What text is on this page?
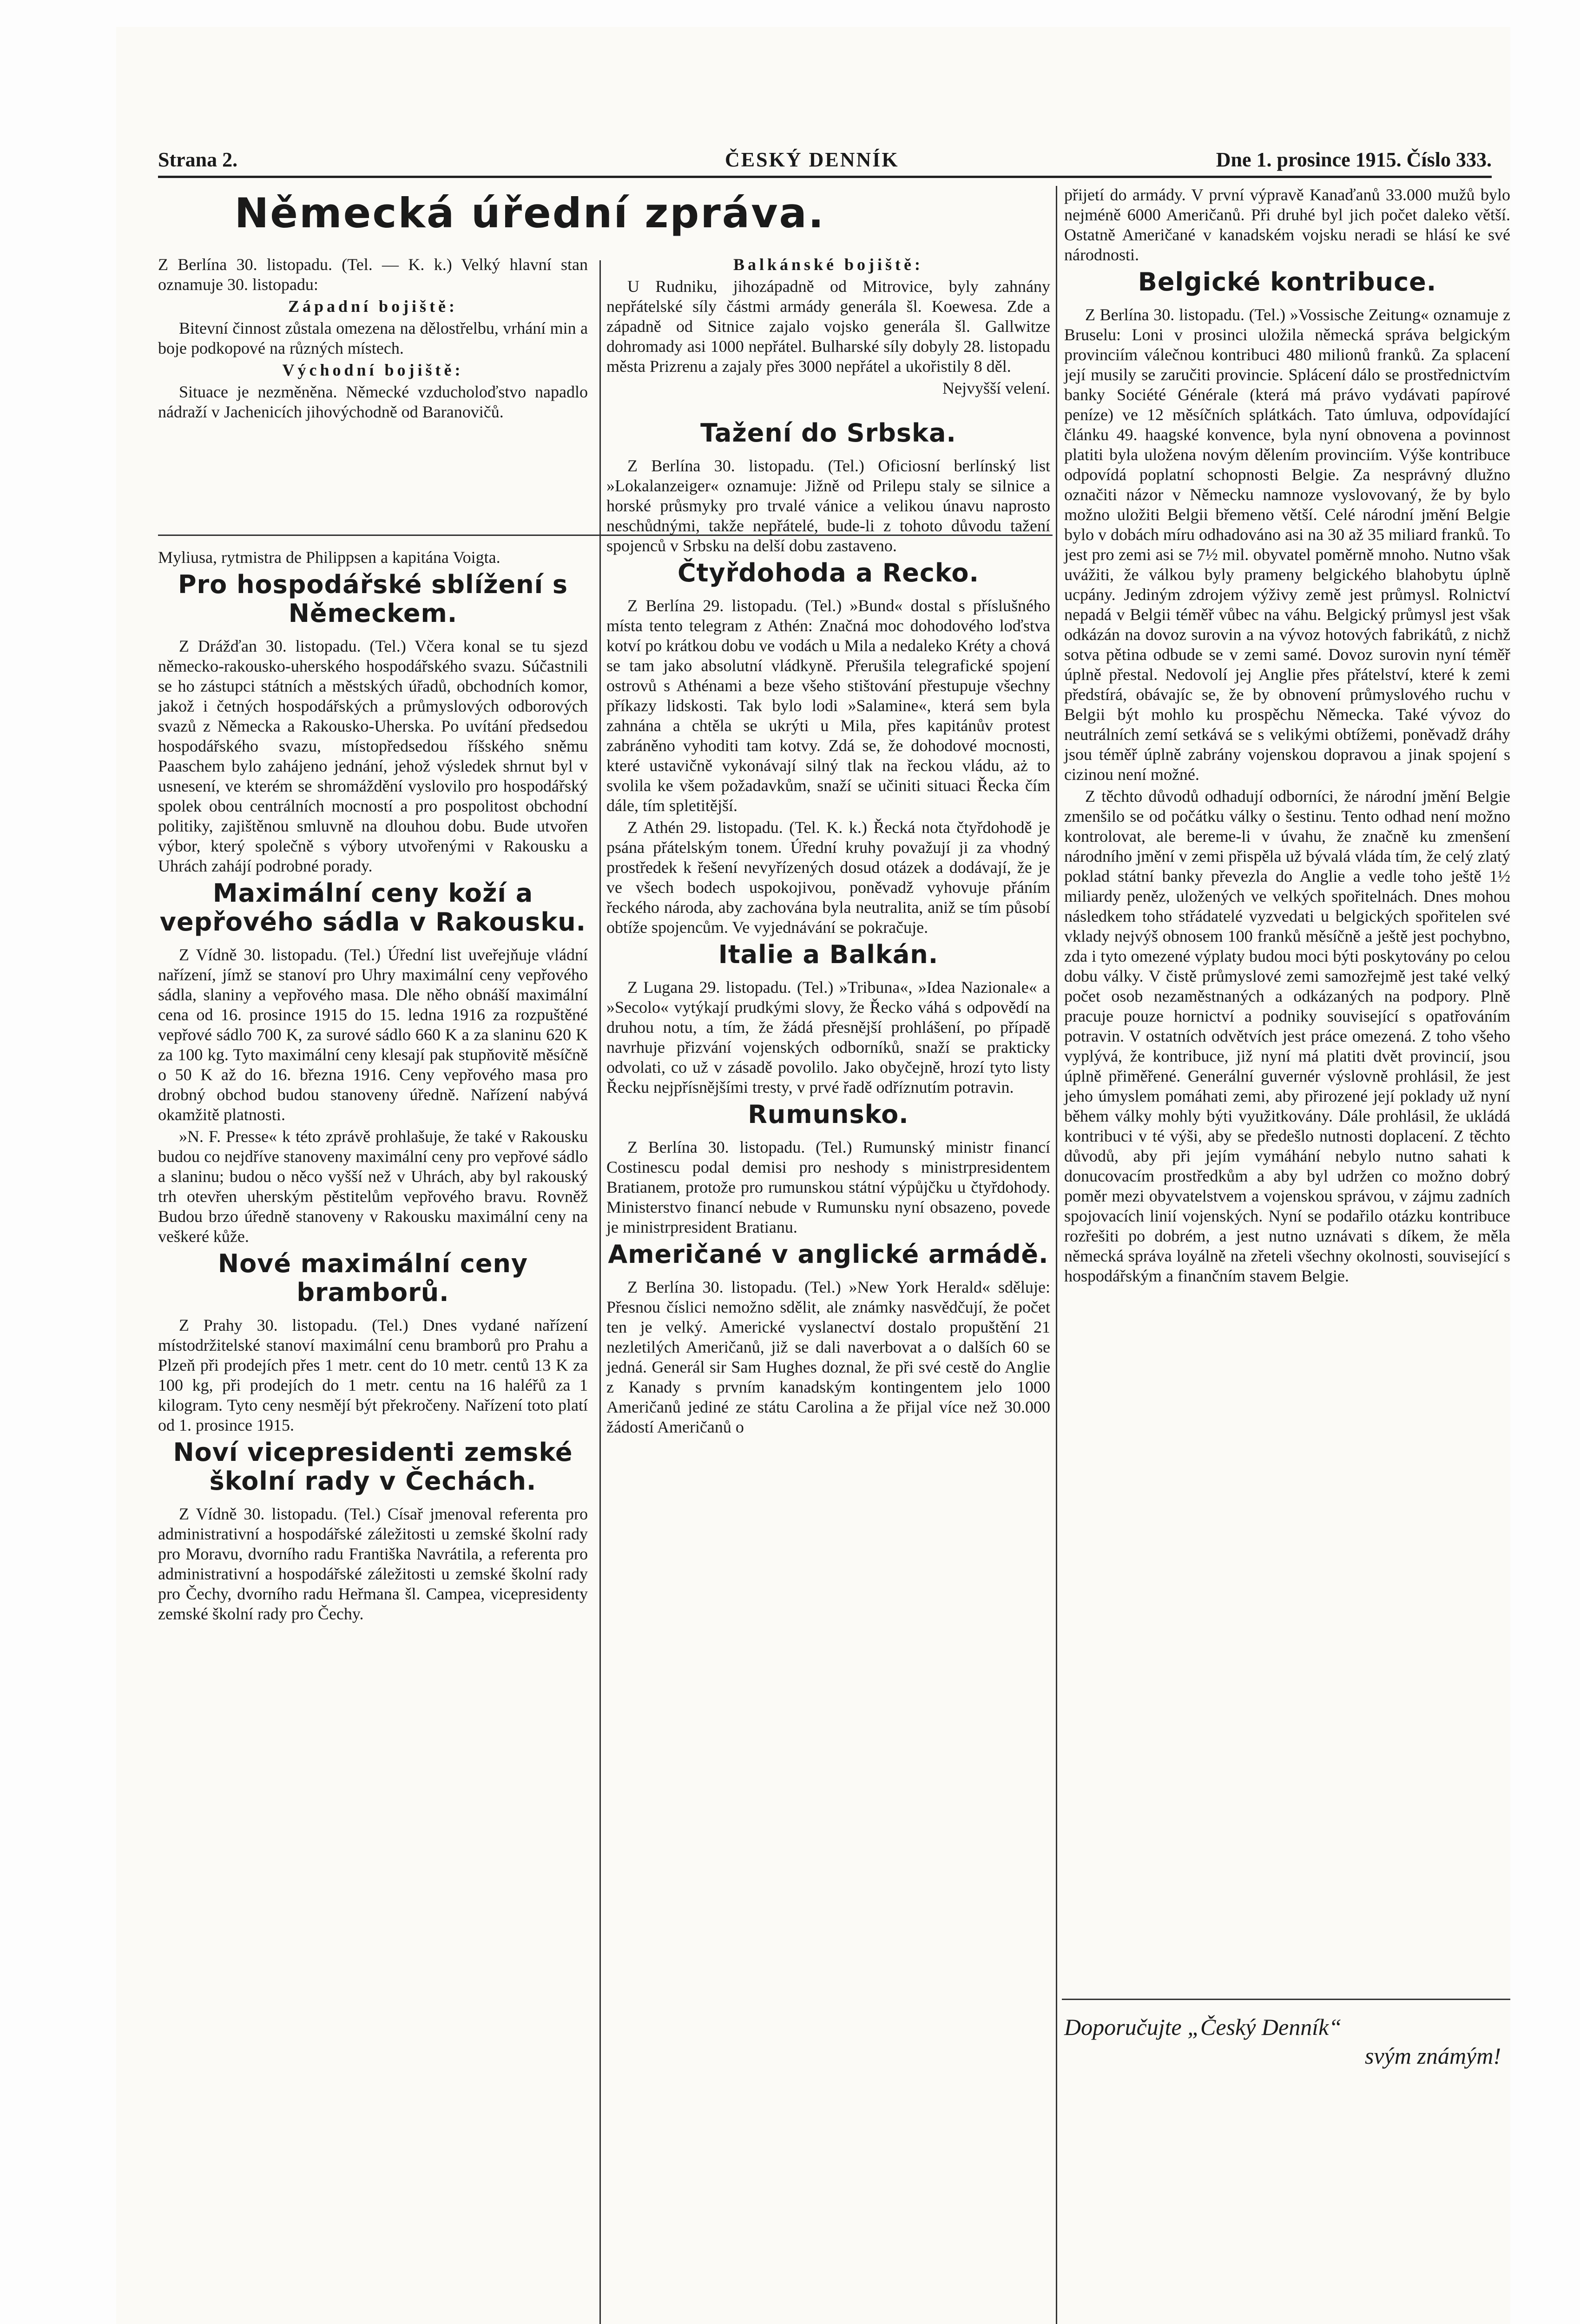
Strana 2.	ČESKÝ DENNÍK	Dne 1. prosince 1915. Číslo 333.
Německá úřední zpráva.

Z Berlína 30. listopadu. (Tel. — K. k.) Velký hlavní stan oznamuje 30. listopadu:

Západní bojiště:

Bitevní činnost zůstala omezena na dělostřelbu, vrhání min a boje podkopové na různých místech.

Východní bojiště:

Situace je nezměněna. Německé vzducholoďstvo napadlo nádraží v Jachenicích jihovýchodně od Baranovičů.

Myliusa, rytmistra de Philippsen a kapitána Voigta.

Pro hospodářské sblížení s Německem.

Z Drážďan 30. listopadu. (Tel.) Včera konal se tu sjezd německo-rakousko-uherského hospodářského svazu. Súčastnili se ho zástupci státních a městských úřadů, obchodních komor, jakož i četných hospodářských a průmyslových odborových svazů z Německa a Rakousko-Uherska. Po uvítání předsedou hospodářského svazu, místopředsedou říšského sněmu Paaschem bylo zahájeno jednání, jehož výsledek shrnut byl v usnesení, ve kterém se shromáždění vyslovilo pro hospodářský spolek obou centrálních mocností a pro pospolitost obchodní politiky, zajištěnou smluvně na dlouhou dobu. Bude utvořen výbor, který společně s výbory utvořenými v Rakousku a Uhrách zahájí podrobné porady.

Maximální ceny koží a vepřového sádla v Rakousku.

Z Vídně 30. listopadu. (Tel.) Úřední list uveřejňuje vládní nařízení, jímž se stanoví pro Uhry maximální ceny vepřového sádla, slaniny a vepřového masa. Dle něho obnáší maximální cena od 16. prosince 1915 do 15. ledna 1916 za rozpuštěné vepřové sádlo 700 K, za surové sádlo 660 K a za slaninu 620 K za 100 kg. Tyto maximální ceny klesají pak stupňovitě měsíčně o 50 K až do 16. března 1916. Ceny vepřového masa pro drobný obchod budou stanoveny úředně. Nařízení nabývá okamžitě platnosti.

»N. F. Presse« k této zprávě prohlašuje, že také v Rakousku budou co nejdříve stanoveny maximální ceny pro vepřové sádlo a slaninu; budou o něco vyšší než v Uhrách, aby byl rakouský trh otevřen uherským pěstitelům vepřového bravu. Rovněž Budou brzo úředně stanoveny v Rakousku maximální ceny na veškeré kůže.

Nové maximální ceny bramborů.

Z Prahy 30. listopadu. (Tel.) Dnes vydané nařízení místodržitelské stanoví maximální cenu bramborů pro Prahu a Plzeň při prodejích přes 1 metr. cent do 10 metr. centů 13 K za 100 kg, při prodejích do 1 metr. centu na 16 haléřů za 1 kilogram. Tyto ceny nesmějí být překročeny. Nařízení toto platí od 1. prosince 1915.

Noví vicepresidenti zemské školní rady v Čechách.

Z Vídně 30. listopadu. (Tel.) Císař jmenoval referenta pro administrativní a hospodářské záležitosti u zemské školní rady pro Moravu, dvorního radu Františka Navrátila, a referenta pro administrativní a hospodářské záležitosti u zemské školní rady pro Čechy, dvorního radu Heřmana šl. Campea, vicepresidenty zemské školní rady pro Čechy.

Balkánské bojiště:

U Rudniku, jihozápadně od Mitrovice, byly zahnány nepřátelské síly částmi armády generála šl. Koewesa. Zde a západně od Sitnice zajalo vojsko generála šl. Gallwitze dohromady asi 1000 nepřátel. Bulharské síly dobyly 28. listopadu města Prizrenu a zajaly přes 3000 nepřátel a ukořistily 8 děl.

Nejvyšší velení.

Tažení do Srbska.

Z Berlína 30. listopadu. (Tel.) Oficiosní berlínský list »Lokalanzeiger« oznamuje: Jižně od Prilepu staly se silnice a horské průsmyky pro trvalé vánice a velikou únavu naprosto neschůdnými, takže nepřátelé, bude-li z tohoto důvodu tažení spojenců v Srbsku na delší dobu zastaveno.

Čtyřdohoda a Recko.

Z Berlína 29. listopadu. (Tel.) »Bund« dostal s příslušného místa tento telegram z Athén: Značná moc dohodového loďstva kotví po krátkou dobu ve vodách u Mila a nedaleko Kréty a chová se tam jako absolutní vládkyně. Přerušila telegrafické spojení ostrovů s Athénami a beze všeho stištování přestupuje všechny příkazy lidskosti. Tak bylo lodi »Salamine«, která sem byla zahnána a chtěla se ukrýti u Mila, přes kapitánův protest zabráněno vyhoditi tam kotvy. Zdá se, že dohodové mocnosti, které ustavičně vykonávají silný tlak na řeckou vládu, aż to svolila ke všem požadavkům, snaží se učiniti situaci Řecka čím dále, tím spletitější.

Z Athén 29. listopadu. (Tel. K. k.) Řecká nota čtyřdohodě je psána přátelským tonem. Úřední kruhy považují ji za vhodný prostředek k řešení nevyřízených dosud otázek a dodávají, že je ve všech bodech uspokojivou, poněvadž vyhovuje přáním řeckého národa, aby zachována byla neutralita, aniž se tím působí obtíže spojencům. Ve vyjednávání se pokračuje.

Italie a Balkán.

Z Lugana 29. listopadu. (Tel.) »Tribuna«, »Idea Nazionale« a »Secolo« vytýkají prudkými slovy, že Řecko váhá s odpovědí na druhou notu, a tím, že žádá přesnější prohlášení, po případě navrhuje přizvání vojenských odborníků, snaží se prakticky odvolati, co už v zásadě povolilo. Jako obyčejně, hrozí tyto listy Řecku nejpřísnějšími tresty, v prvé řadě odříznutím potravin.

Rumunsko.

Z Berlína 30. listopadu. (Tel.) Rumunský ministr financí Costinescu podal demisi pro neshody s ministrpresidentem Bratianem, protože pro rumunskou státní výpůjčku u čtyřdohody. Ministerstvo financí nebude v Rumunsku nyní obsazeno, povede je ministrpresident Bratianu.

Američané v anglické armádě.

Z Berlína 30. listopadu. (Tel.) »New York Herald« sděluje: Přesnou číslici nemožno sdělit, ale známky nasvědčují, že počet ten je velký. Americké vyslanectví dostalo propuštění 21 nezletilých Američanů, již se dali naverbovat a o dalších 60 se jedná. Generál sir Sam Hughes doznal, že při své cestě do Anglie z Kanady s prvním kanadským kontingentem jelo 1000 Američanů jediné ze státu Carolina a že přijal více než 30.000 žádostí Američanů o

přijetí do armády. V první výpravě Kanaďanů 33.000 mužů bylo nejméně 6000 Američanů. Při druhé byl jich počet daleko větší. Ostatně Američané v kanadském vojsku neradi se hlásí ke své národnosti.

Belgické kontribuce.

Z Berlína 30. listopadu. (Tel.) »Vossische Zeitung« oznamuje z Bruselu: Loni v prosinci uložila německá správa belgickým provinciím válečnou kontribuci 480 milionů franků. Za splacení její musily se zaručiti provincie. Splácení dálo se prostřednictvím banky Société Générale (která má právo vydávati papírové peníze) ve 12 měsíčních splátkách. Tato úmluva, odpovídající článku 49. haagské konvence, byla nyní obnovena a povinnost platiti byla uložena novým dělením provinciím. Výše kontribuce odpovídá poplatní schopnosti Belgie. Za nesprávný dlužno označiti názor v Německu namnoze vyslovovaný, že by bylo možno uložiti Belgii břemeno větší. Celé národní jmění Belgie bylo v dobách míru odhadováno asi na 30 až 35 miliard franků. To jest pro zemi asi se 7½ mil. obyvatel poměrně mnoho. Nutno však uvážiti, že válkou byly prameny belgického blahobytu úplně ucpány. Jediným zdrojem výživy země jest průmysl. Rolnictví nepadá v Belgii téměř vůbec na váhu. Belgický průmysl jest však odkázán na dovoz surovin a na vývoz hotových fabrikátů, z nichž sotva pětina odbude se v zemi samé. Dovoz surovin nyní téměř úplně přestal. Nedovolí jej Anglie přes přátelství, které k zemi předstírá, obávajíc se, že by obnovení průmyslového ruchu v Belgii být mohlo ku prospěchu Německa. Také vývoz do neutrálních zemí setkává se s velikými obtížemi, poněvadž dráhy jsou téměř úplně zabrány vojenskou dopravou a jinak spojení s cizinou není možné.

Z těchto důvodů odhadují odborníci, že národní jmění Belgie zmenšilo se od počátku války o šestinu. Tento odhad není možno kontrolovat, ale bereme-li v úvahu, že značně ku zmenšení národního jmění v zemi přispěla už bývalá vláda tím, že celý zlatý poklad státní banky převezla do Anglie a vedle toho ještě 1½ miliardy peněz, uložených ve velkých spořitelnách. Dnes mohou následkem toho střádatelé vyzvedati u belgických spořitelen své vklady nejvýš obnosem 100 franků měsíčně a ještě jest pochybno, zda i tyto omezené výplaty budou moci býti poskytovány po celou dobu války. V čistě průmyslové zemi samozřejmě jest také velký počet osob nezaměstnaných a odkázaných na podpory. Plně pracuje pouze hornictví a podniky související s opatřováním potravin. V ostatních odvětvích jest práce omezená. Z toho všeho vyplývá, že kontribuce, již nyní má platiti dvět provincií, jsou úplně přiměřené. Generální guvernér výslovně prohlásil, že jest jeho úmyslem pomáhati zemi, aby přirozené její poklady už nyní během války mohly býti využitkovány. Dále prohlásil, že ukládá kontribuci v té výši, aby se předešlo nutnosti doplacení. Z těchto důvodů, aby při jejím vymáhání nebylo nutno sahati k donucovacím prostředkům a aby byl udržen co možno dobrý poměr mezi obyvatelstvem a vojenskou správou, v zájmu zadních spojovacích linií vojenských. Nyní se podařilo otázku kontribuce rozřešiti po dobrém, a jest nutno uznávati s díkem, že měla německá správa loyálně na zřeteli všechny okolnosti, související s hospodářským a finančním stavem Belgie.

Doporučujte „Český Denník“
svým známým!
